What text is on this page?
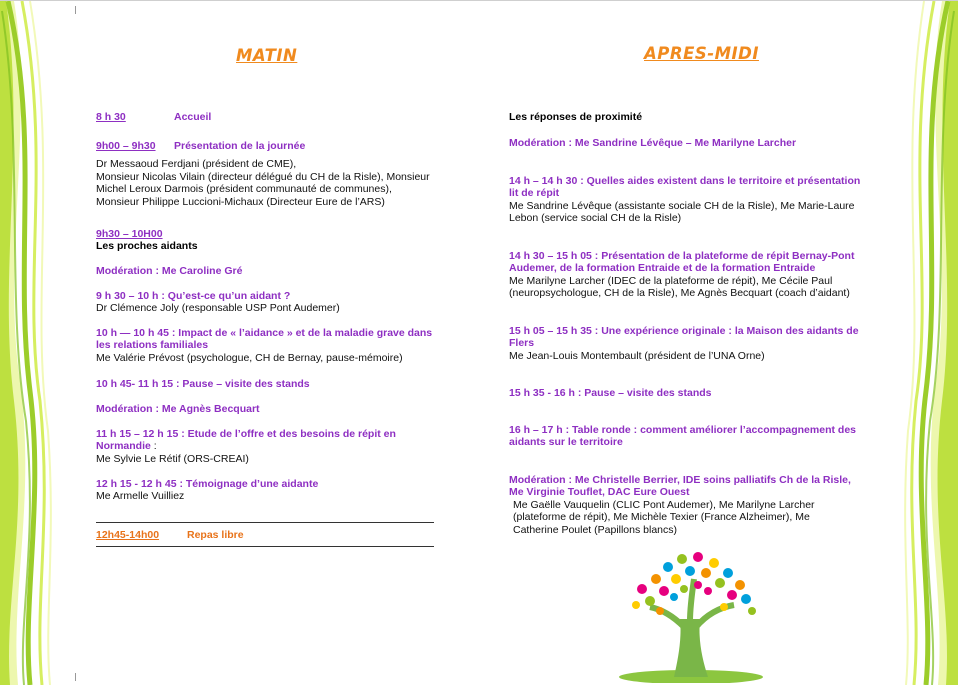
MATIN	APRES-MIDI
8 h 30	Accueil
9h00 – 9h30 Présentation de la journée
Dr Messaoud Ferdjani (président de CME),
Monsieur Nicolas Vilain (directeur délégué du CH de la Risle), Monsieur
Michel Leroux Darmois (président communauté de communes),
Monsieur Philippe Luccioni-Michaux (Directeur Eure de l’ARS)
9h30 – 10H00
Les proches aidants
Modération : Me Caroline Gré
9 h 30 – 10 h : Qu’est-ce qu’un aidant ?
Dr Clémence Joly (responsable USP Pont Audemer)
10 h — 10 h 45 : Impact de « l’aidance » et de la maladie grave dans
les relations familiales
Me Valérie Prévost (psychologue, CH de Bernay, pause-mémoire)
10 h 45- 11 h 15 : Pause – visite des stands
Modération : Me Agnès Becquart
11 h 15 – 12 h 15 : Etude de l’offre et des besoins de répit en
Normandie :
Me Sylvie Le Rétif (ORS-CREAI)
12 h 15 - 12 h 45 : Témoignage d’une aidante
Me Armelle Vuilliez
12h45-14h00	Repas libre
Les réponses de proximité
Modération : Me Sandrine Lévêque – Me Marilyne Larcher
14 h – 14 h 30 : Quelles aides existent dans le territoire et présentation
lit de répit
Me Sandrine Lévêque (assistante sociale CH de la Risle), Me Marie-Laure
Lebon (service social CH de la Risle)
14 h 30 – 15 h 05 : Présentation de la plateforme de répit Bernay-Pont
Audemer, de la formation Entraide et de la formation Entraide
Me Marilyne Larcher (IDEC de la plateforme de répit), Me Cécile Paul
(neuropsychologue, CH de la Risle), Me Agnès Becquart (coach d’aidant)
15 h 05 – 15 h 35 : Une expérience originale : la Maison des aidants de
Flers
Me Jean-Louis Montembault (président de l’UNA Orne)
15 h 35 - 16 h : Pause – visite des stands
16 h – 17 h : Table ronde : comment améliorer l’accompagnement des
aidants sur le territoire
Modération : Me Christelle Berrier, IDE soins palliatifs Ch de la Risle,
Me Virginie Touflet, DAC Eure Ouest
Me Gaëlle Vauquelin (CLIC Pont Audemer), Me Marilyne Larcher
(plateforme de répit), Me Michèle Texier (France Alzheimer), Me
Catherine Poulet (Papillons blancs)
